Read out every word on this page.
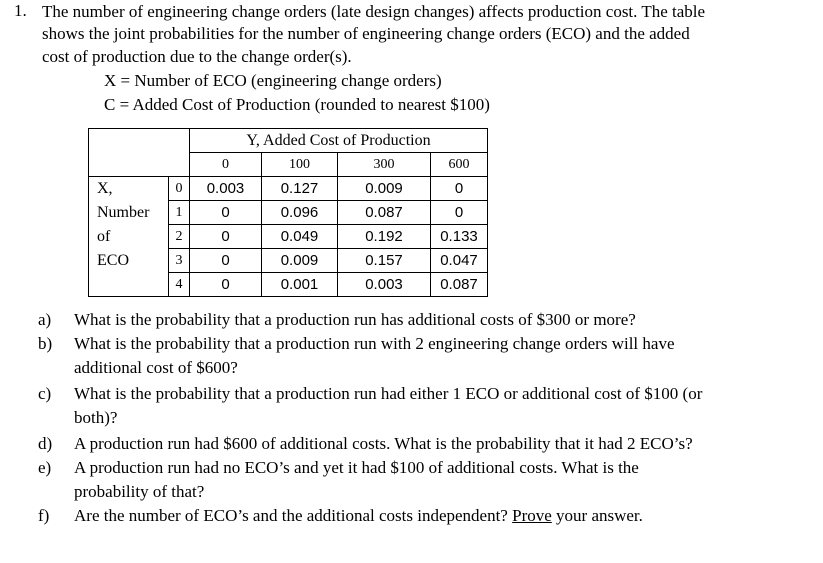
1. The number of engineering change orders (late design changes) affects production cost. The table
shows the joint probabilities for the number of engineering change orders (ECO) and the added
cost of production due to the change order(s).
X = Number of ECO (engineering change orders)
C = Added Cost of Production (rounded to nearest $100)
		Y, Added Cost of Production			
		0	100	300	600
X,	0	0.003	0.127	0.009	0
Number	1	0	0.096	0.087	0
of	2	0	0.049	0.192	0.133
ECO	3	0	0.009	0.157	0.047
	4	0	0.001	0.003	0.087
a) What is the probability that a production run has additional costs of $300 or more?
b) What is the probability that a production run with 2 engineering change orders will have
additional cost of $600?
c) What is the probability that a production run had either 1 ECO or additional cost of $100 (or
both)?
d) A production run had $600 of additional costs. What is the probability that it had 2 ECO’s?
e) A production run had no ECO’s and yet it had $100 of additional costs. What is the
probability of that?
f) Are the number of ECO’s and the additional costs independent? Prove your answer.
